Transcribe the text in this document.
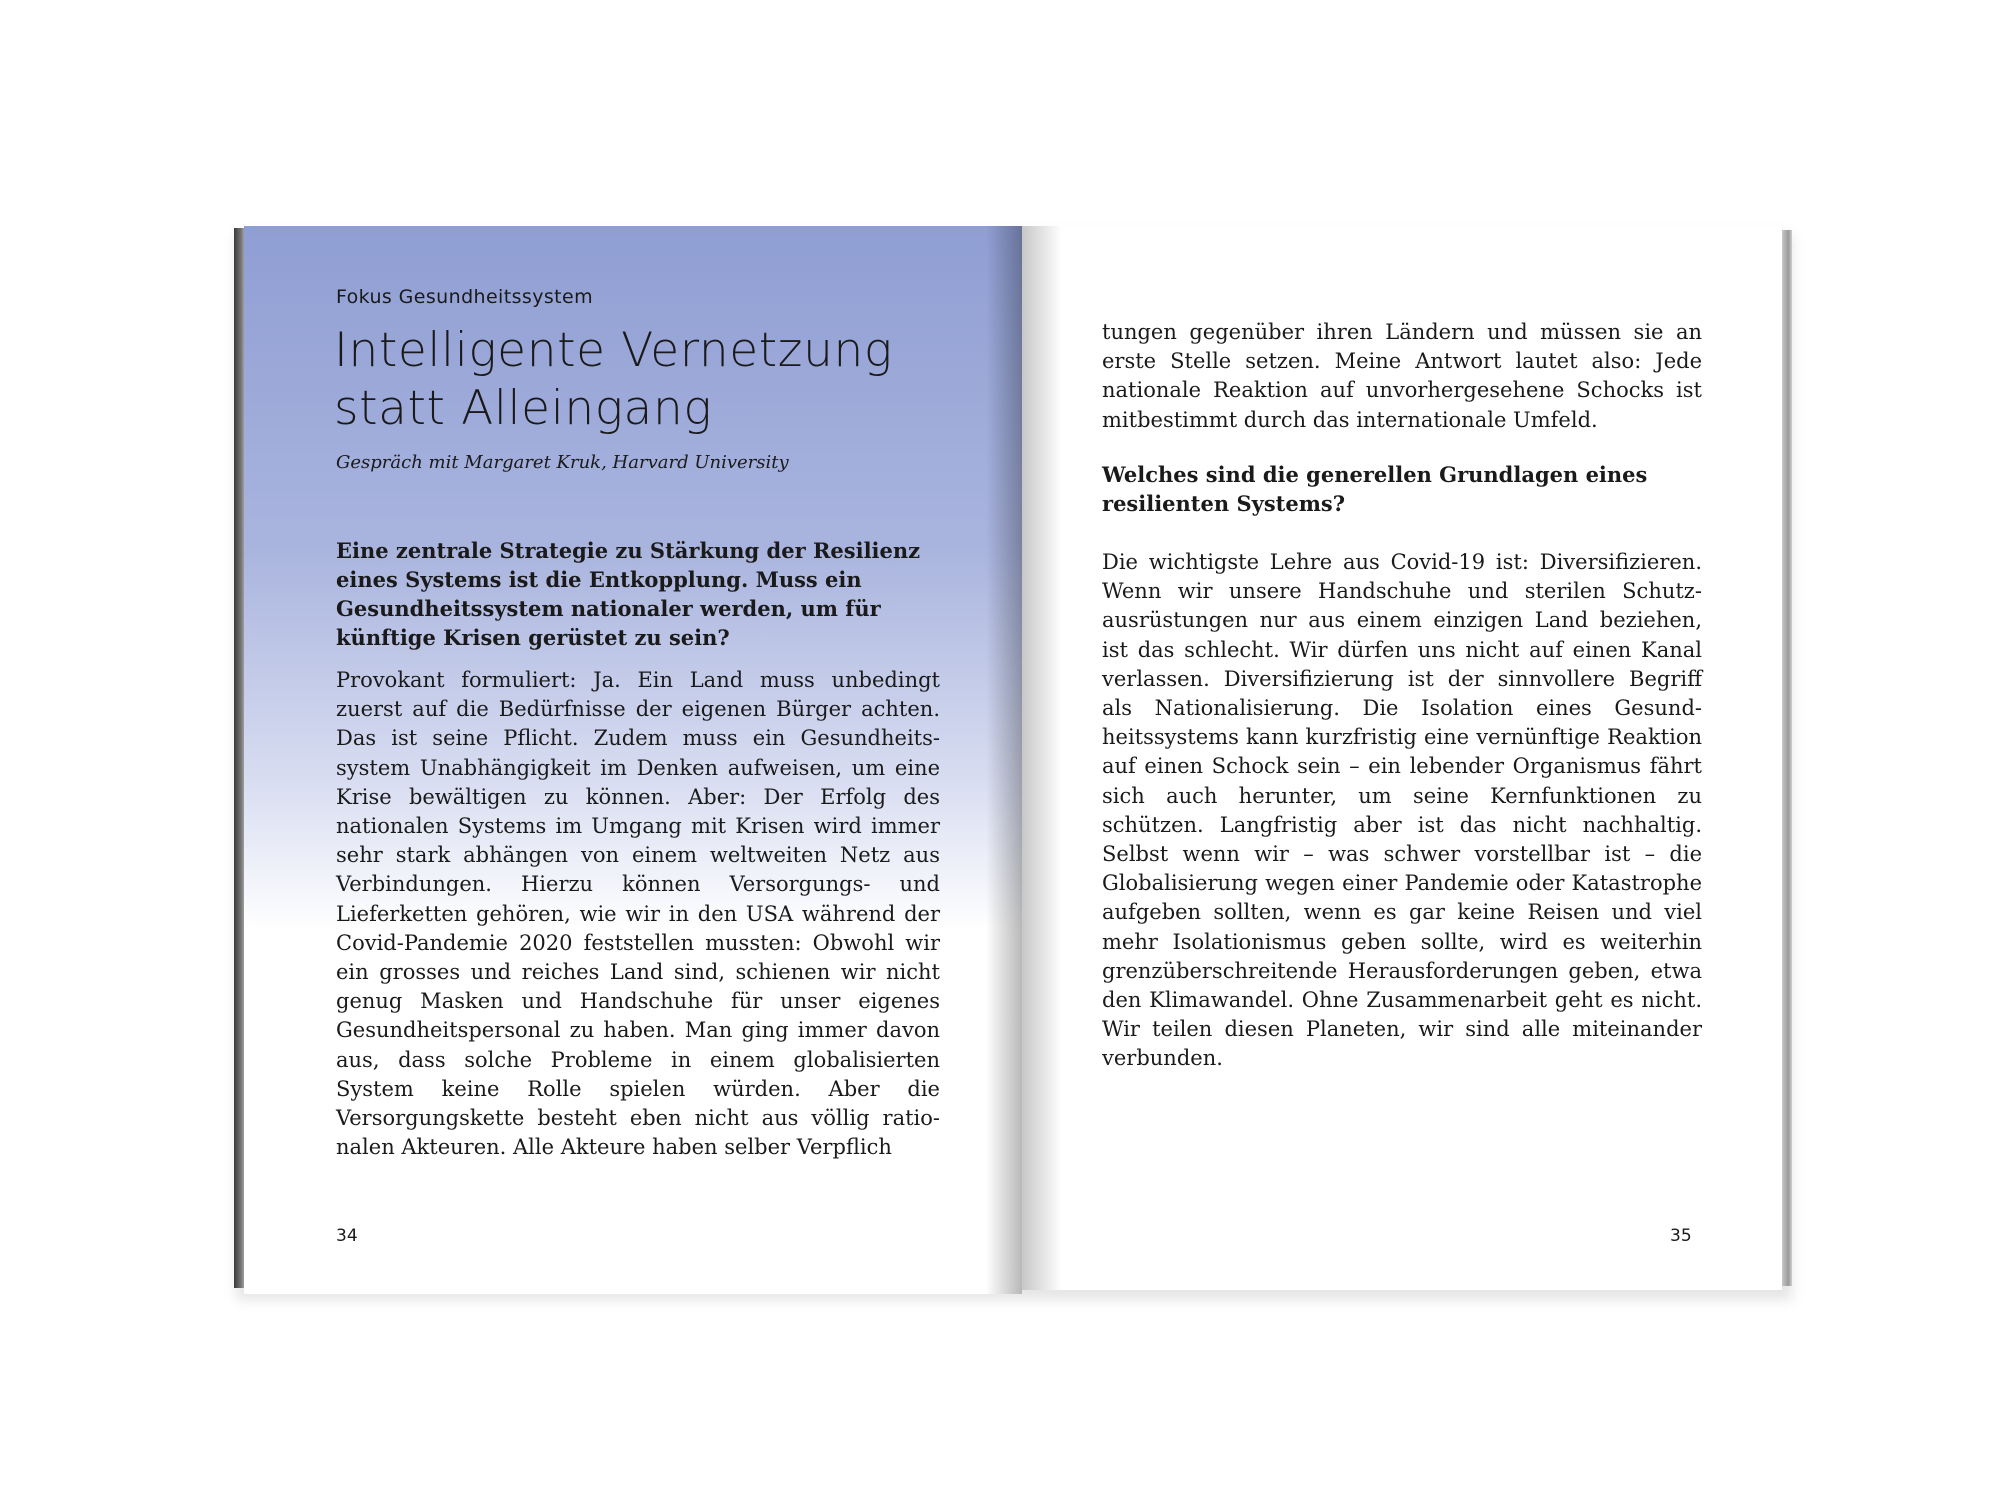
Fokus Gesundheitssystem
Intelligente Vernetzung statt Alleingang
Gespräch mit Margaret Kruk, Harvard University
Eine zentrale Strategie zu Stärkung der Resilienz eines Systems ist die Entkopplung. Muss ein Gesundheitssystem nationaler werden, um für künftige Krisen gerüstet zu sein?
Provokant formuliert: Ja. Ein Land muss unbedingt zuerst auf die Bedürfnisse der eigenen Bürger achten. Das ist seine Pflicht. Zudem muss ein Gesundheitssystem Unabhängigkeit im Denken aufweisen, um eine Krise bewältigen zu können. Aber: Der Erfolg des nationalen Systems im Umgang mit Krisen wird immer sehr stark abhängen von einem weltweiten Netz aus Verbindungen. Hierzu können Versorgungs- und Lieferketten gehören, wie wir in den USA während der Covid-Pandemie 2020 feststellen mussten: Obwohl wir ein grosses und reiches Land sind, schienen wir nicht genug Masken und Handschuhe für unser eigenes Gesundheitspersonal zu haben. Man ging immer davon aus, dass solche Probleme in einem globalisierten System keine Rolle spielen würden. Aber die Versorgungskette besteht eben nicht aus völlig rationalen Akteuren. Alle Akteure haben selber Verpflich
34
tungen gegenüber ihren Ländern und müssen sie an erste Stelle setzen. Meine Antwort lautet also: Jede nationale Reaktion auf unvorhergesehene Schocks ist mitbestimmt durch das internationale Umfeld.
Welches sind die generellen Grundlagen eines resilienten Systems?
Die wichtigste Lehre aus Covid-19 ist: Diversifizieren. Wenn wir unsere Handschuhe und sterilen Schutzausrüstungen nur aus einem einzigen Land beziehen, ist das schlecht. Wir dürfen uns nicht auf einen Kanal verlassen. Diversifizierung ist der sinnvollere Begriff als Nationalisierung. Die Isolation eines Gesundheitssystems kann kurzfristig eine vernünftige Reaktion auf einen Schock sein – ein lebender Organismus fährt sich auch herunter, um seine Kernfunktionen zu schützen. Langfristig aber ist das nicht nachhaltig. Selbst wenn wir – was schwer vorstellbar ist – die Globalisierung wegen einer Pandemie oder Katastrophe aufgeben sollten, wenn es gar keine Reisen und viel mehr Isolationismus geben sollte, wird es weiterhin grenzüberschreitende Herausforderungen geben, etwa den Klimawandel. Ohne Zusammenarbeit geht es nicht. Wir teilen diesen Planeten, wir sind alle miteinander verbunden.
35
